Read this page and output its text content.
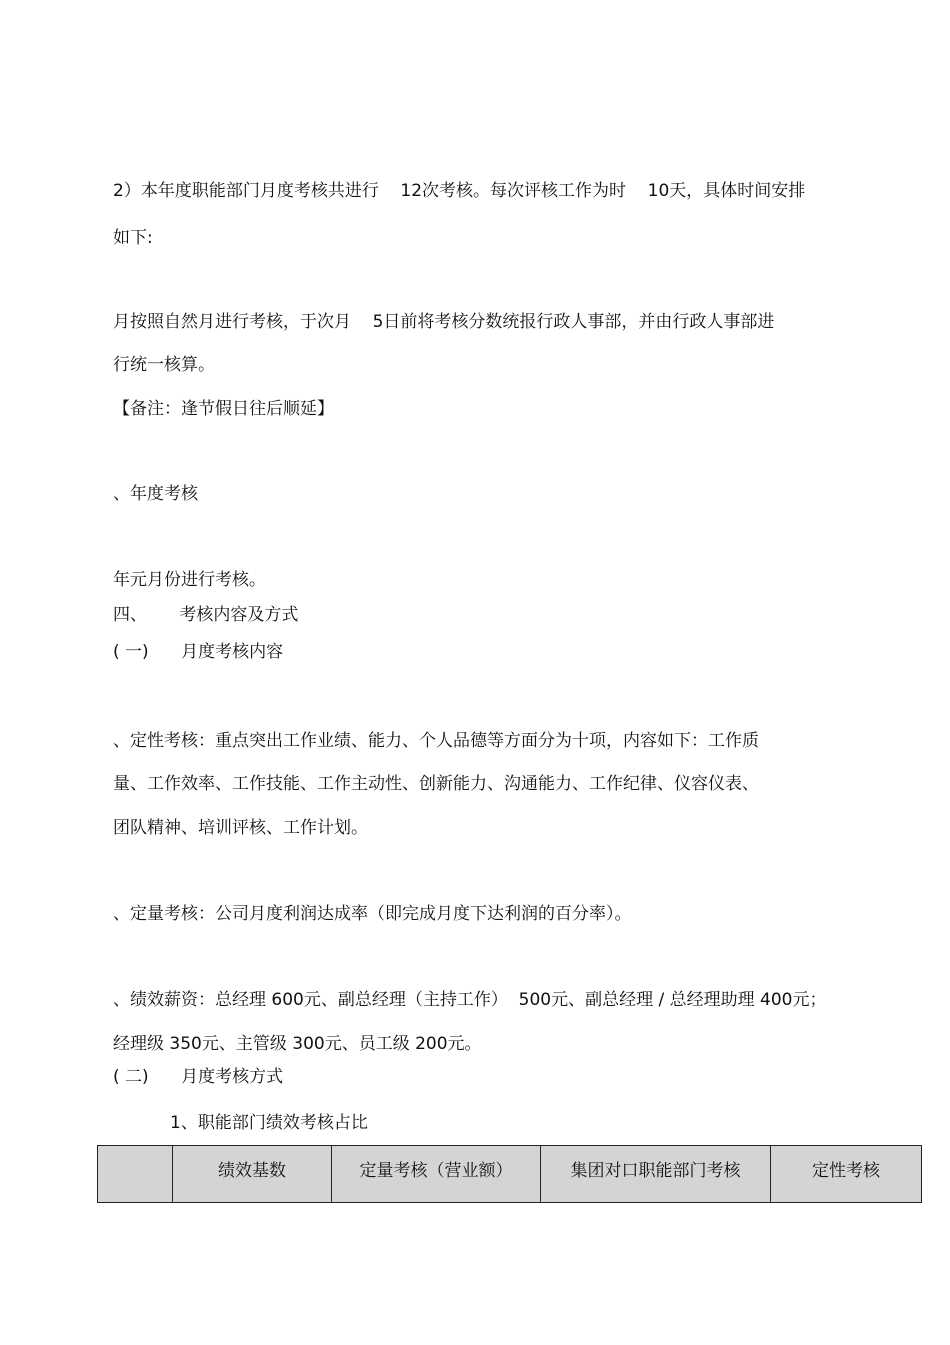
2）本年度职能部门月度考核共进行    12次考核。每次评核工作为时    10天，具体时间安排

如下:

月按照自然月进行考核，于次月    5日前将考核分数统报行政人事部，并由行政人事部进

行统一核算。

【备注：逢节假日往后顺延】

、年度考核

年元月份进行考核。

四、      考核内容及方式

( 一)      月度考核内容

、定性考核：重点突出工作业绩、能力、个人品德等方面分为十项，内容如下：工作质

量、工作效率、工作技能、工作主动性、创新能力、沟通能力、工作纪律、仪容仪表、

团队精神、培训评核、工作计划。

、定量考核：公司月度利润达成率（即完成月度下达利润的百分率）。

、绩效薪资：总经理 600元、副总经理（主持工作）  500元、副总经理 / 总经理助理 400元；

经理级 350元、主管级 300元、员工级 200元。

( 二)      月度考核方式

1、职能部门绩效考核占比

	绩效基数	定量考核（营业额）	集团对口职能部门考核	定性考核
